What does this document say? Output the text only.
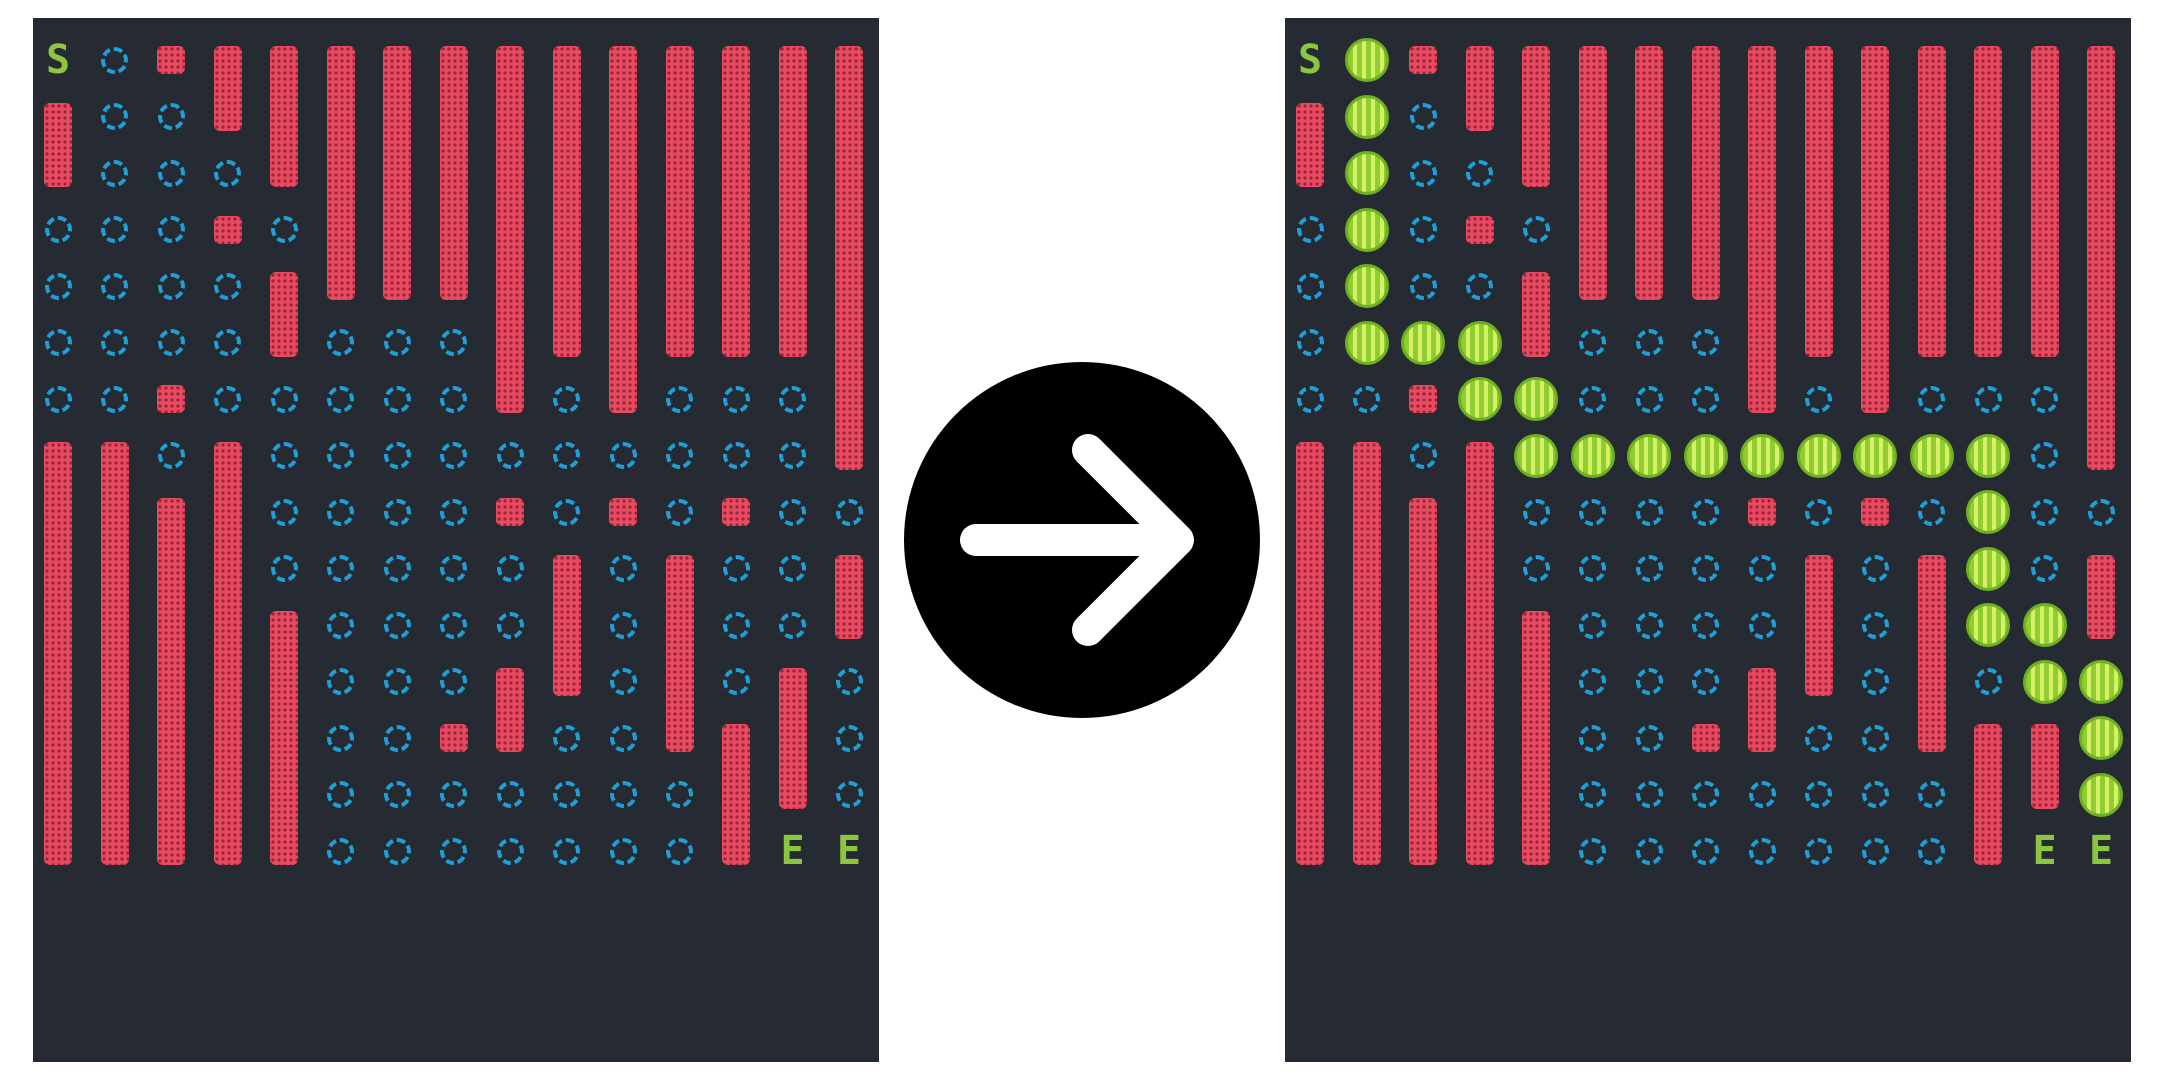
S
E E
S
E E
